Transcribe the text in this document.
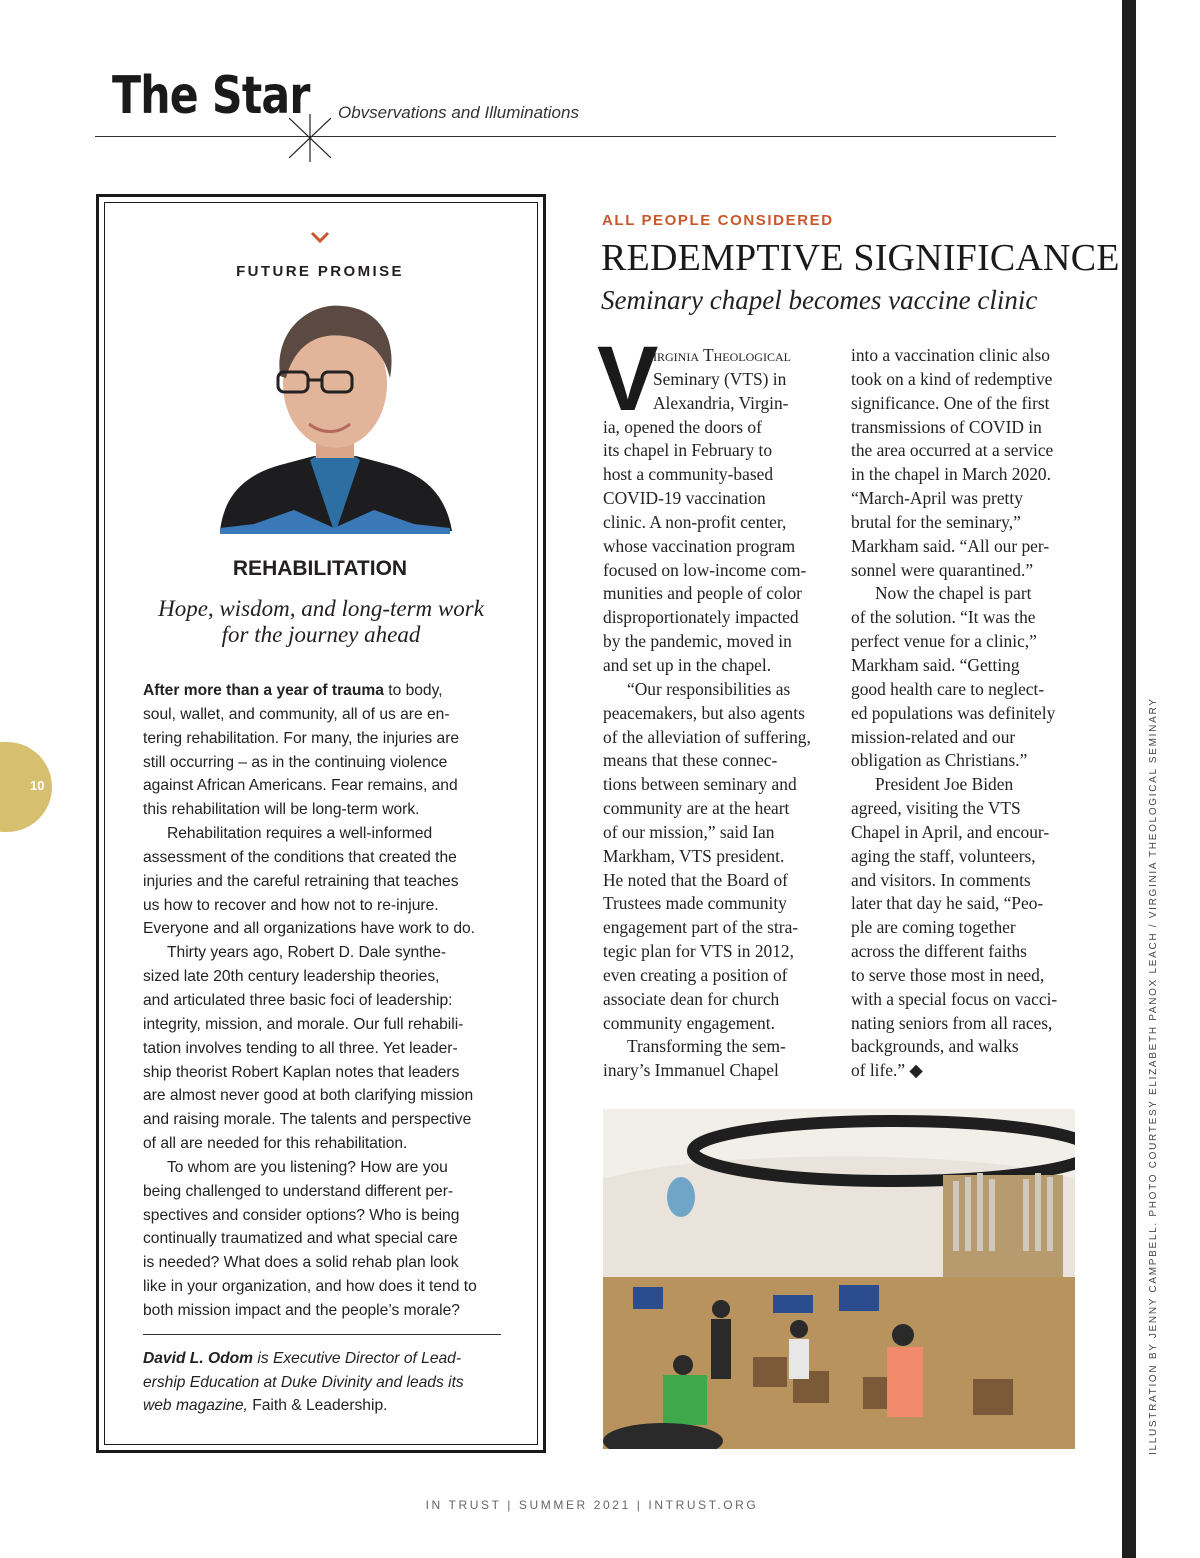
ILLUSTRATION BY JENNY CAMPBELL. PHOTO COURTESY ELIZABETH PANOX LEACH / VIRGINIA THEOLOGICAL SEMINARY
The Star Obvservations and Illuminations
10
FUTURE PROMISE
REHABILITATION
Hope, wisdom, and long-term work
for the journey ahead

After more than a year of trauma to body,
soul, wallet, and community, all of us are en-
tering rehabilitation. For many, the injuries are
still occurring – as in the continuing violence
against African Americans. Fear remains, and
this rehabilitation will be long-term work.

Rehabilitation requires a well-informed
assessment of the conditions that created the
injuries and the careful retraining that teaches
us how to recover and how not to re-injure.
Everyone and all organizations have work to do.

Thirty years ago, Robert D. Dale synthe-
sized late 20th century leadership theories,
and articulated three basic foci of leadership:
integrity, mission, and morale. Our full rehabili-
tation involves tending to all three. Yet leader-
ship theorist Robert Kaplan notes that leaders
are almost never good at both clarifying mission
and raising morale. The talents and perspective
of all are needed for this rehabilitation.

To whom are you listening? How are you
being challenged to understand different per-
spectives and consider options? Who is being
continually traumatized and what special care
is needed? What does a solid rehab plan look
like in your organization, and how does it tend to
both mission impact and the people’s morale?

David L. Odom is Executive Director of Lead-
ership Education at Duke Divinity and leads its
web magazine, Faith & Leadership.
ALL PEOPLE CONSIDERED
REDEMPTIVE SIGNIFICANCE
Seminary chapel becomes vaccine clinic
V
irginia Theological
Seminary (VTS) in
Alexandria, Virgin-
ia, opened the doors of
its chapel in February to
host a community-based
COVID-19 vaccination
clinic. A non-profit center,
whose vaccination program
focused on low-income com-
munities and people of color
disproportionately impacted
by the pandemic, moved in
and set up in the chapel.
“Our responsibilities as
peacemakers, but also agents
of the alleviation of suffering,
means that these connec-
tions between seminary and
community are at the heart
of our mission,” said Ian
Markham, VTS president.
He noted that the Board of
Trustees made community
engagement part of the stra-
tegic plan for VTS in 2012,
even creating a position of
associate dean for church
community engagement.
Transforming the sem-
inary’s Immanuel Chapel
into a vaccination clinic also
took on a kind of redemptive
significance. One of the first
transmissions of COVID in
the area occurred at a service
in the chapel in March 2020.
“March-April was pretty
brutal for the seminary,”
Markham said. “All our per-
sonnel were quarantined.”
Now the chapel is part
of the solution. “It was the
perfect venue for a clinic,”
Markham said. “Getting
good health care to neglect-
ed populations was definitely
mission-related and our
obligation as Christians.”
President Joe Biden
agreed, visiting the VTS
Chapel in April, and encour-
aging the staff, volunteers,
and visitors. In comments
later that day he said, “Peo-
ple are coming together
across the different faiths
to serve those most in need,
with a special focus on vacci-
nating seniors from all races,
backgrounds, and walks
of life.” ◆
IN TRUST | SUMMER 2021 | INTRUST.ORG
